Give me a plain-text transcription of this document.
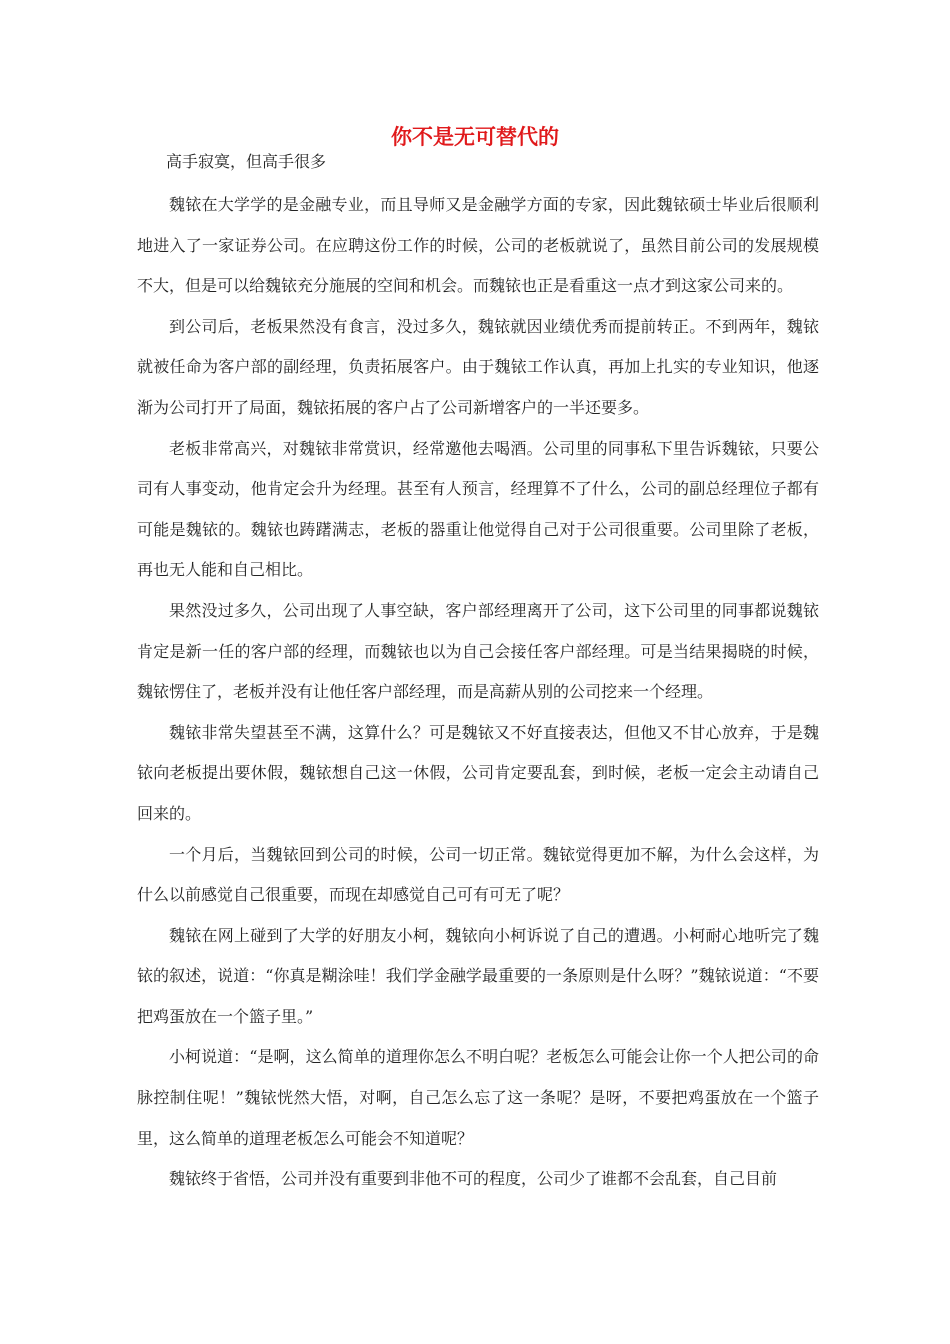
你不是无可替代的
高手寂寞，但高手很多

魏铱在大学学的是金融专业，而且导师又是金融学方面的专家，因此魏铱硕士毕业后很顺利地进入了一家证券公司。在应聘这份工作的时候，公司的老板就说了，虽然目前公司的发展规模不大，但是可以给魏铱充分施展的空间和机会。而魏铱也正是看重这一点才到这家公司来的。

到公司后，老板果然没有食言，没过多久，魏铱就因业绩优秀而提前转正。不到两年，魏铱就被任命为客户部的副经理，负责拓展客户。由于魏铱工作认真，再加上扎实的专业知识，他逐渐为公司打开了局面，魏铱拓展的客户占了公司新增客户的一半还要多。

老板非常高兴，对魏铱非常赏识，经常邀他去喝酒。公司里的同事私下里告诉魏铱，只要公司有人事变动，他肯定会升为经理。甚至有人预言，经理算不了什么，公司的副总经理位子都有可能是魏铱的。魏铱也踌躇满志，老板的器重让他觉得自己对于公司很重要。公司里除了老板，再也无人能和自己相比。

果然没过多久，公司出现了人事空缺，客户部经理离开了公司，这下公司里的同事都说魏铱肯定是新一任的客户部的经理，而魏铱也以为自己会接任客户部经理。可是当结果揭晓的时候，魏铱愣住了，老板并没有让他任客户部经理，而是高薪从别的公司挖来一个经理。

魏铱非常失望甚至不满，这算什么？可是魏铱又不好直接表达，但他又不甘心放弃，于是魏铱向老板提出要休假，魏铱想自己这一休假，公司肯定要乱套，到时候，老板一定会主动请自己回来的。

一个月后，当魏铱回到公司的时候，公司一切正常。魏铱觉得更加不解，为什么会这样，为什么以前感觉自己很重要，而现在却感觉自己可有可无了呢？

魏铱在网上碰到了大学的好朋友小柯，魏铱向小柯诉说了自己的遭遇。小柯耐心地听完了魏铱的叙述，说道：“你真是糊涂哇！我们学金融学最重要的一条原则是什么呀？”魏铱说道：“不要把鸡蛋放在一个篮子里。”

小柯说道：“是啊，这么简单的道理你怎么不明白呢？老板怎么可能会让你一个人把公司的命脉控制住呢！”魏铱恍然大悟，对啊，自己怎么忘了这一条呢？是呀，不要把鸡蛋放在一个篮子里，这么简单的道理老板怎么可能会不知道呢？

魏铱终于省悟，公司并没有重要到非他不可的程度，公司少了谁都不会乱套，自己目前
